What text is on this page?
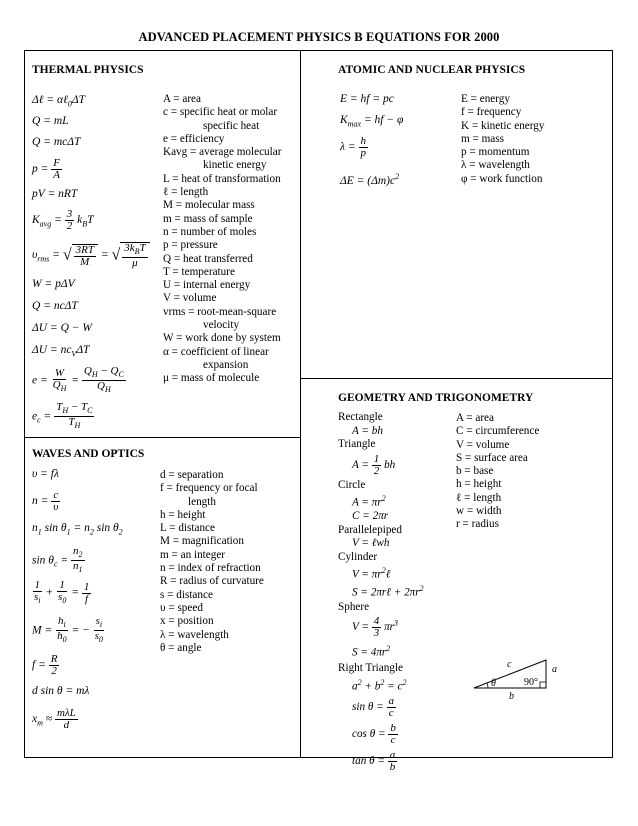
ADVANCED PLACEMENT PHYSICS B EQUATIONS FOR 2000
THERMAL PHYSICS
Δℓ = αℓ$_0$ΔT
Q = mL
Q = mcΔT
$p = \frac{F}{A}$
pV = nRT
$K_{avg} = \frac{3}{2} k_BT$
$\upsilon_{rms}$ = √ $\frac{3RT}{M}$ = √ $\frac{3k_BT}{\mu}$
W = pΔV
Q = ncΔT
ΔU = Q − W
$\Delta U = nc_V\Delta T$
$e = \frac{W}{Q_H} = \frac{Q_H - Q_C}{Q_H}$
$e_c = \frac{T_H - T_C}{T_H}$
A = area
c = specific heat or molar
specific heat
e = efficiency
Kavg = average molecular
kinetic energy
L = heat of transformation
ℓ = length
M = molecular mass
m = mass of sample
n = number of moles
p = pressure
Q = heat transferred
T = temperature
U = internal energy
V = volume
vrms = root-mean-square
velocity
W = work done by system
α = coefficient of linear
expansion
μ = mass of molecule
ATOMIC AND NUCLEAR PHYSICS
E = hf = pc
$K_{max}$ = hf − φ
$\lambda = \frac{h}{p}$
$\Delta E = (\Delta m)c^2$
E = energy
f = frequency
K = kinetic energy
m = mass
p = momentum
λ = wavelength
φ = work function
WAVES AND OPTICS
υ = fλ
$n = \frac{c}{\upsilon}$
$n_1$ $\sin \theta_1 = n_2$ $\sin \theta_2$
$\sin \theta_c = \frac{n_2}{n_1}$
$\frac{1}{s_i} + \frac{1}{s_0} = \frac{1}{f}$
$M = \frac{h_i}{h_0}$ = − $\frac{s_i}{s_0}$
$f = \frac{R}{2}$
d sin θ = mλ
$x_m \approx \frac{\text{mλL}}{d}$
d = separation
f = frequency or focal
length
h = height
L = distance
M = magnification
m = an integer
n = index of refraction
R = radius of curvature
s = distance
υ = speed
x = position
λ = wavelength
θ = angle
GEOMETRY AND TRIGONOMETRY
Rectangle
A = bh
Triangle
$A = \frac{1}{2}$ bh
Circle
$A = \pi r^2$
C = 2πr
Parallelepiped
V = ℓwh
Cylinder
$V = \pi r^2\ell$
S = 2πrℓ + $2\pi r^2$
Sphere
$V = \frac{4}{3} \pi r^3$
$S = 4\pi r^2$
Right Triangle
$a^2 + b^2 = c^2$
$\sin \theta = \frac{a}{c}$
$\cos \theta = \frac{b}{c}$
$\tan \theta = \frac{a}{b}$
A = area
C = circumference
V = volume
S = surface area
b = base
h = height
ℓ = length
w = width
r = radius
c	a
b
θ	90°
